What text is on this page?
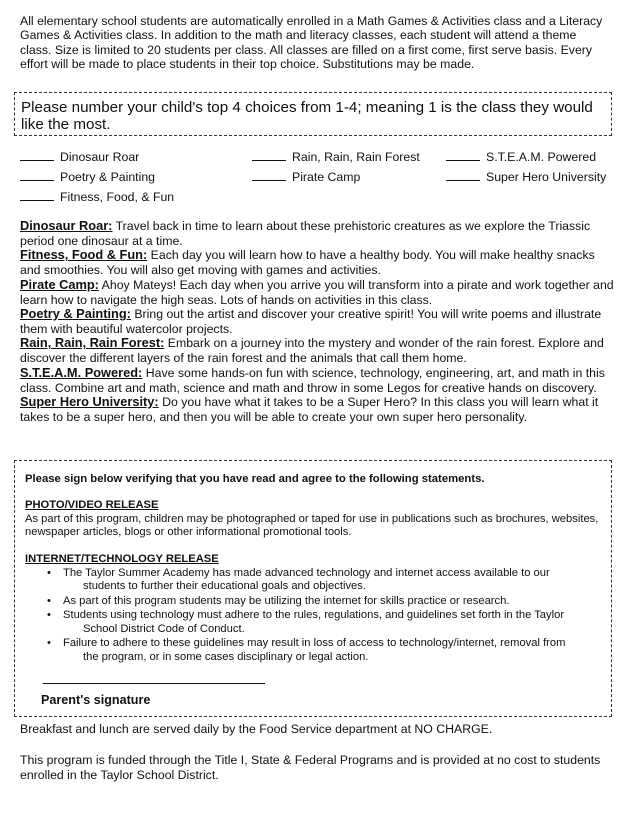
All elementary school students are automatically enrolled in a Math Games & Activities class and a Literacy Games & Activities class. In addition to the math and literacy classes, each student will attend a theme class. Size is limited to 20 students per class. All classes are filled on a first come, first serve basis. Every effort will be made to place students in their top choice. Substitutions may be made.

Please number your child's top 4 choices from 1-4; meaning 1 is the class they would like the most.
Dinosaur Roar	Rain, Rain, Rain Forest	S.T.E.A.M. Powered
Poetry & Painting	Pirate Camp	Super Hero University
Fitness, Food, & Fun

Dinosaur Roar: Travel back in time to learn about these prehistoric creatures as we explore the Triassic period one dinosaur at a time.

Fitness, Food & Fun: Each day you will learn how to have a healthy body. You will make healthy snacks and smoothies. You will also get moving with games and activities.

Pirate Camp: Ahoy Mateys! Each day when you arrive you will transform into a pirate and work together and learn how to navigate the high seas. Lots of hands on activities in this class.

Poetry & Painting: Bring out the artist and discover your creative spirit! You will write poems and illustrate them with beautiful watercolor projects.

Rain, Rain, Rain Forest: Embark on a journey into the mystery and wonder of the rain forest. Explore and discover the different layers of the rain forest and the animals that call them home.

S.T.E.A.M. Powered: Have some hands-on fun with science, technology, engineering, art, and math in this class. Combine art and math, science and math and throw in some Legos for creative hands on discovery.

Super Hero University: Do you have what it takes to be a Super Hero? In this class you will learn what it takes to be a super hero, and then you will be able to create your own super hero personality.

Please sign below verifying that you have read and agree to the following statements.
PHOTO/VIDEO RELEASE
As part of this program, children may be photographed or taped for use in publications such as brochures, websites, newspaper articles, blogs or other informational promotional tools.
INTERNET/TECHNOLOGY RELEASE
• The Taylor Summer Academy has made advanced technology and internet access available to our
students to further their educational goals and objectives.
• As part of this program students may be utilizing the internet for skills practice or research.
• Students using technology must adhere to the rules, regulations, and guidelines set forth in the Taylor
School District Code of Conduct.
• Failure to adhere to these guidelines may result in loss of access to technology/internet, removal from
the program, or in some cases disciplinary or legal action.
Parent's signature

Breakfast and lunch are served daily by the Food Service department at NO CHARGE.

This program is funded through the Title I, State & Federal Programs and is provided at no cost to students enrolled in the Taylor School District.
